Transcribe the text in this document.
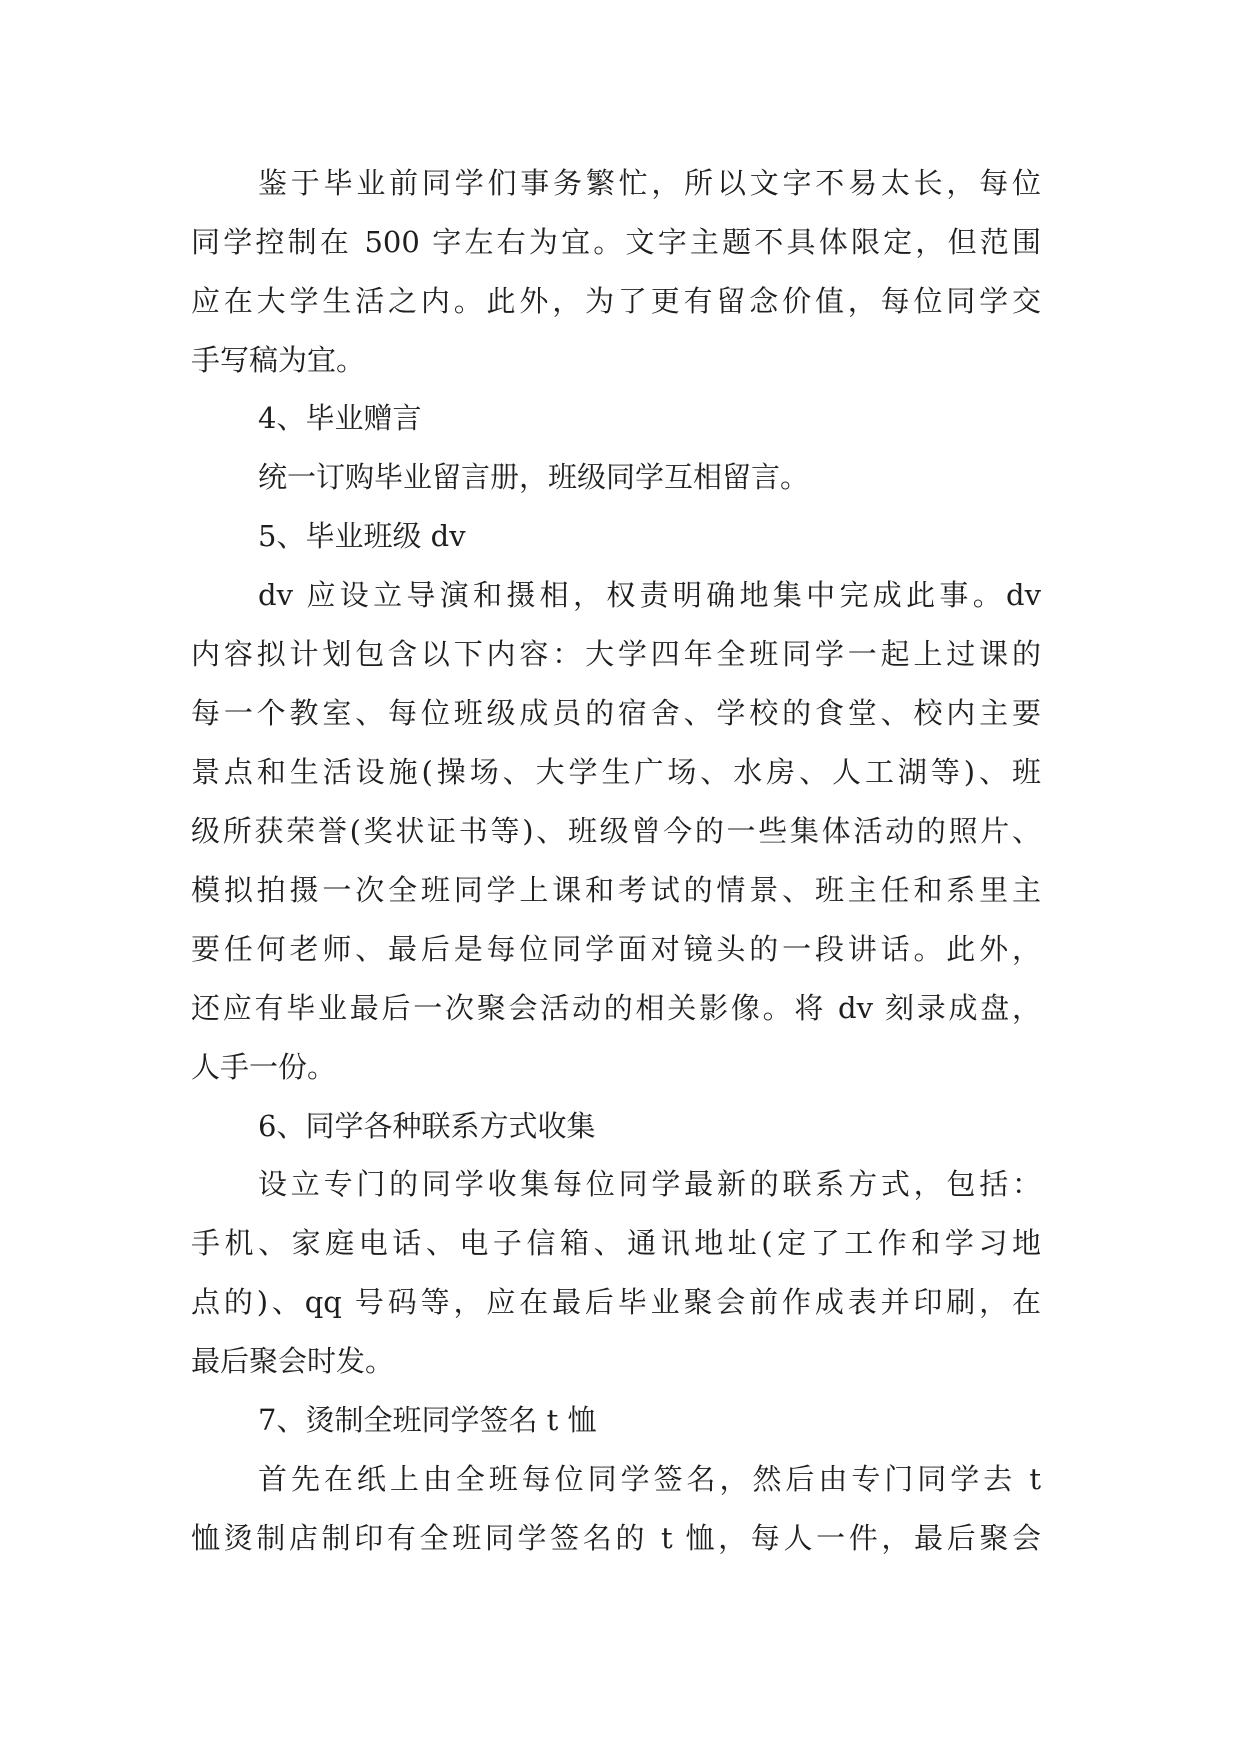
鉴于毕业前同学们事务繁忙，所以文字不易太长，每位
同学控制在 500 字左右为宜。文字主题不具体限定，但范围
应在大学生活之内。此外，为了更有留念价值，每位同学交
手写稿为宜。
4、毕业赠言
统一订购毕业留言册，班级同学互相留言。
5、毕业班级 dv
dv 应设立导演和摄相，权责明确地集中完成此事。dv
内容拟计划包含以下内容：大学四年全班同学一起上过课的
每一个教室、每位班级成员的宿舍、学校的食堂、校内主要
景点和生活设施(操场、大学生广场、水房、人工湖等)、班
级所获荣誉(奖状证书等)、班级曾今的一些集体活动的照片、
模拟拍摄一次全班同学上课和考试的情景、班主任和系里主
要任何老师、最后是每位同学面对镜头的一段讲话。此外，
还应有毕业最后一次聚会活动的相关影像。将 dv 刻录成盘，
人手一份。
6、同学各种联系方式收集
设立专门的同学收集每位同学最新的联系方式，包括：
手机、家庭电话、电子信箱、通讯地址(定了工作和学习地
点的)、qq 号码等，应在最后毕业聚会前作成表并印刷，在
最后聚会时发。
7、烫制全班同学签名 t 恤
首先在纸上由全班每位同学签名，然后由专门同学去 t
恤烫制店制印有全班同学签名的 t 恤，每人一件，最后聚会
